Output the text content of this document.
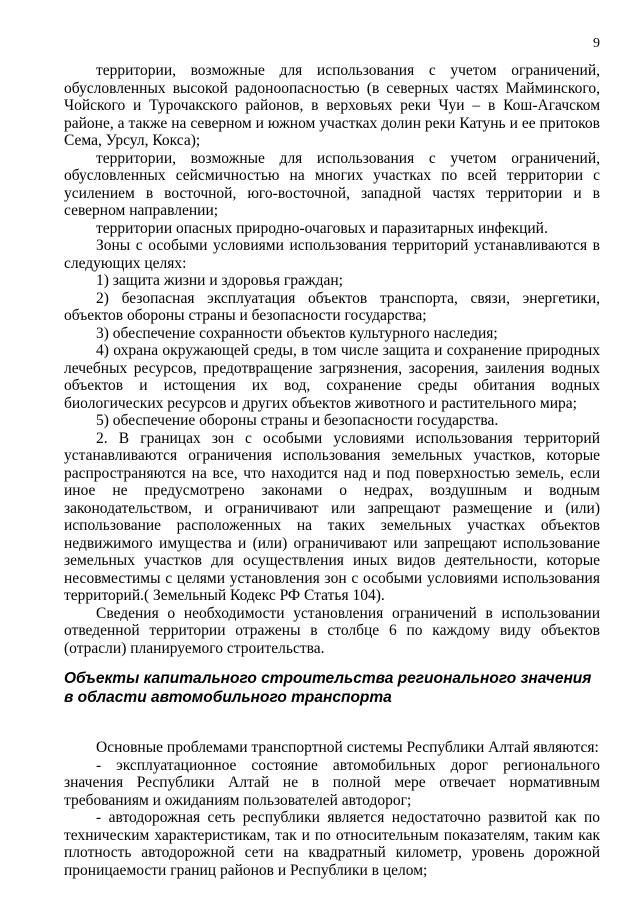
9

территории, возможные для использования с учетом ограничений, обусловленных высокой радоноопасностью (в северных частях Майминского, Чойского и Турочакского районов, в верховьях реки Чуи – в Кош-Агачском районе, а также на северном и южном участках долин реки Катунь и ее притоков Сема, Урсул, Кокса);

территории, возможные для использования с учетом ограничений, обусловленных сейсмичностью на многих участках по всей территории с усилением в восточной, юго-восточной, западной частях территории и в северном направлении;

территории опасных природно-очаговых и паразитарных инфекций.

Зоны с особыми условиями использования территорий устанавливаются в следующих целях:

1) защита жизни и здоровья граждан;

2) безопасная эксплуатация объектов транспорта, связи, энергетики, объектов обороны страны и безопасности государства;

3) обеспечение сохранности объектов культурного наследия;

4) охрана окружающей среды, в том числе защита и сохранение природных лечебных ресурсов, предотвращение загрязнения, засорения, заиления водных объектов и истощения их вод, сохранение среды обитания водных биологических ресурсов и других объектов животного и растительного мира;

5) обеспечение обороны страны и безопасности государства.

2. В границах зон с особыми условиями использования территорий устанавливаются ограничения использования земельных участков, которые распространяются на все, что находится над и под поверхностью земель, если иное не предусмотрено законами о недрах, воздушным и водным законодательством, и ограничивают или запрещают размещение и (или) использование расположенных на таких земельных участках объектов недвижимого имущества и (или) ограничивают или запрещают использование земельных участков для осуществления иных видов деятельности, которые несовместимы с целями установления зон с особыми условиями использования территорий.( Земельный Кодекс РФ Статья 104).

Сведения о необходимости установления ограничений в использовании отведенной территории отражены в столбце 6 по каждому виду объектов (отрасли) планируемого строительства.

Объекты капитального строительства регионального значения в области автомобильного транспорта

Основные проблемами транспортной системы Республики Алтай являются:

- эксплуатационное состояние автомобильных дорог регионального значения Республики Алтай не в полной мере отвечает нормативным требованиям и ожиданиям пользователей автодорог;

- автодорожная сеть республики является недостаточно развитой как по техническим характеристикам, так и по относительным показателям, таким как плотность автодорожной сети на квадратный километр, уровень дорожной проницаемости границ районов и Республики в целом;
